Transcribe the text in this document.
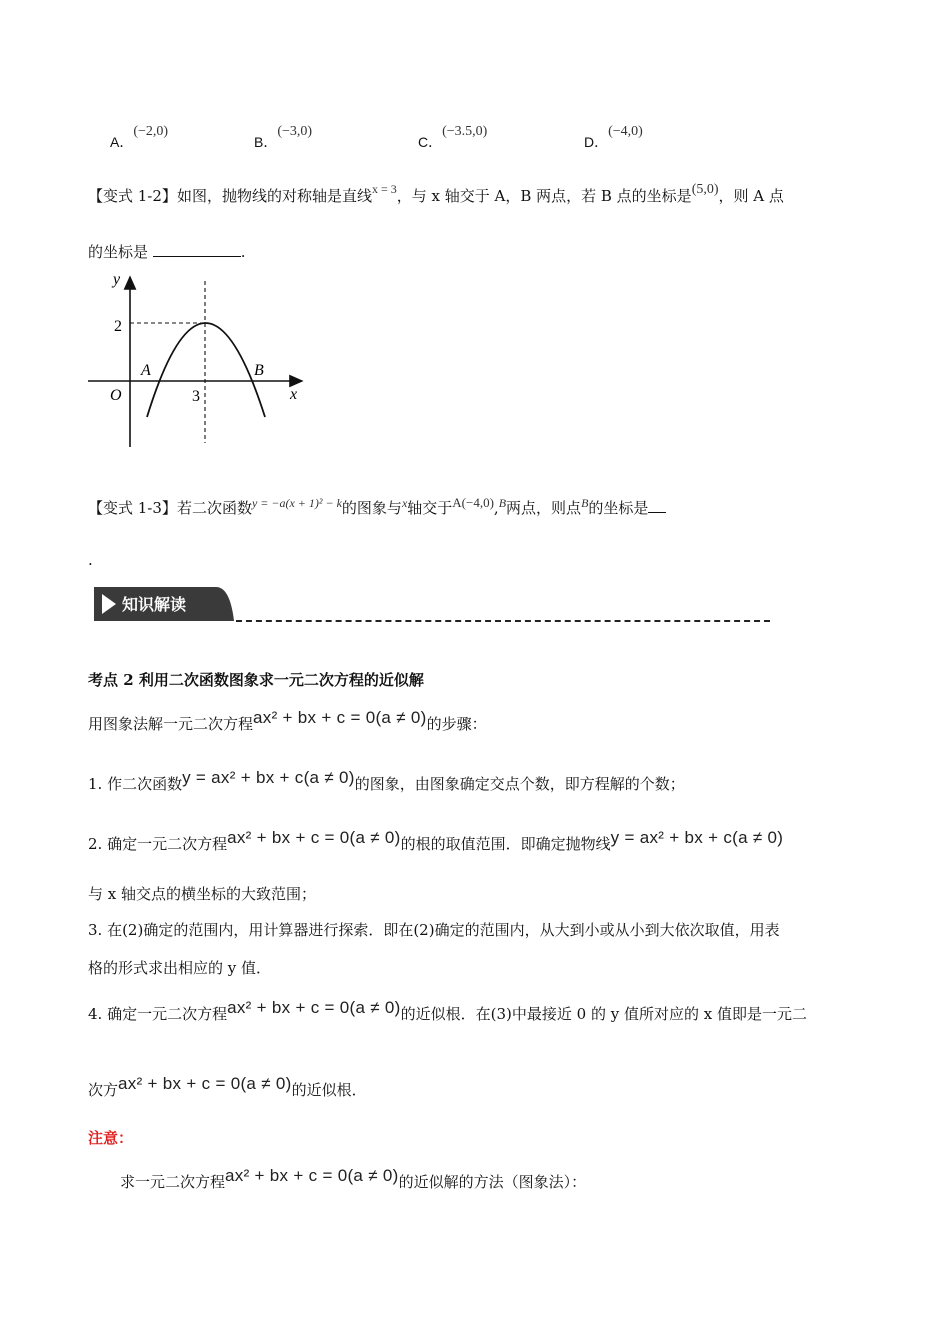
A．(−2,0)
B．(−3,0)
C．(−3.5,0)
D．(−4,0)
【变式 1-2】如图，抛物线的对称轴是直线$^{x = 3}$，与 x 轴交于 A，B 两点，若 B 点的坐标是(5,0)，则 A 点
的坐标是	.
y
x
O
2
3
A	B
【变式 1-3】若二次函数$^{y = -a(x + 1)^2 - k}$的图象与$^x$轴交于A(−4,0),$^B$两点，则点$^B$的坐标是
.
知识解读
考点 2 利用二次函数图象求一元二次方程的近似解
用图象法解一元二次方程ax² + bx + c = 0(a ≠ 0)的步骤：
1. 作二次函数y = ax² + bx + c(a ≠ 0)的图象，由图象确定交点个数，即方程解的个数；
2. 确定一元二次方程ax² + bx + c = 0(a ≠ 0)的根的取值范围．即确定抛物线y = ax² + bx + c(a ≠ 0)
与 x 轴交点的横坐标的大致范围；
3. 在(2)确定的范围内，用计算器进行探索．即在(2)确定的范围内，从大到小或从小到大依次取值，用表
格的形式求出相应的 y 值．
4. 确定一元二次方程ax² + bx + c = 0(a ≠ 0)的近似根．在(3)中最接近 0 的 y 值所对应的 x 值即是一元二
次方ax² + bx + c = 0(a ≠ 0)的近似根．
注意：
求一元二次方程ax² + bx + c = 0(a ≠ 0)的近似解的方法（图象法）：
